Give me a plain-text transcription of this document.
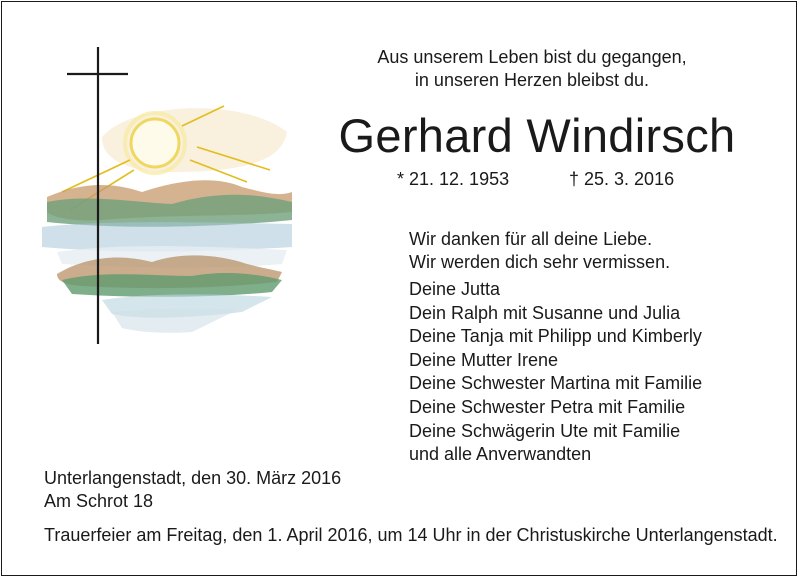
Aus unserem Leben bist du gegangen,
in unseren Herzen bleibst du.
Gerhard Windirsch
* 21. 12. 1953	† 25. 3. 2016
Wir danken für all deine Liebe.
Wir werden dich sehr vermissen.
Deine Jutta
Dein Ralph mit Susanne und Julia
Deine Tanja mit Philipp und Kimberly
Deine Mutter Irene
Deine Schwester Martina mit Familie
Deine Schwester Petra mit Familie
Deine Schwägerin Ute mit Familie
und alle Anverwandten
Unterlangenstadt, den 30. März 2016
Am Schrot 18
Trauerfeier am Freitag, den 1. April 2016, um 14 Uhr in der Christuskirche Unterlangenstadt.
